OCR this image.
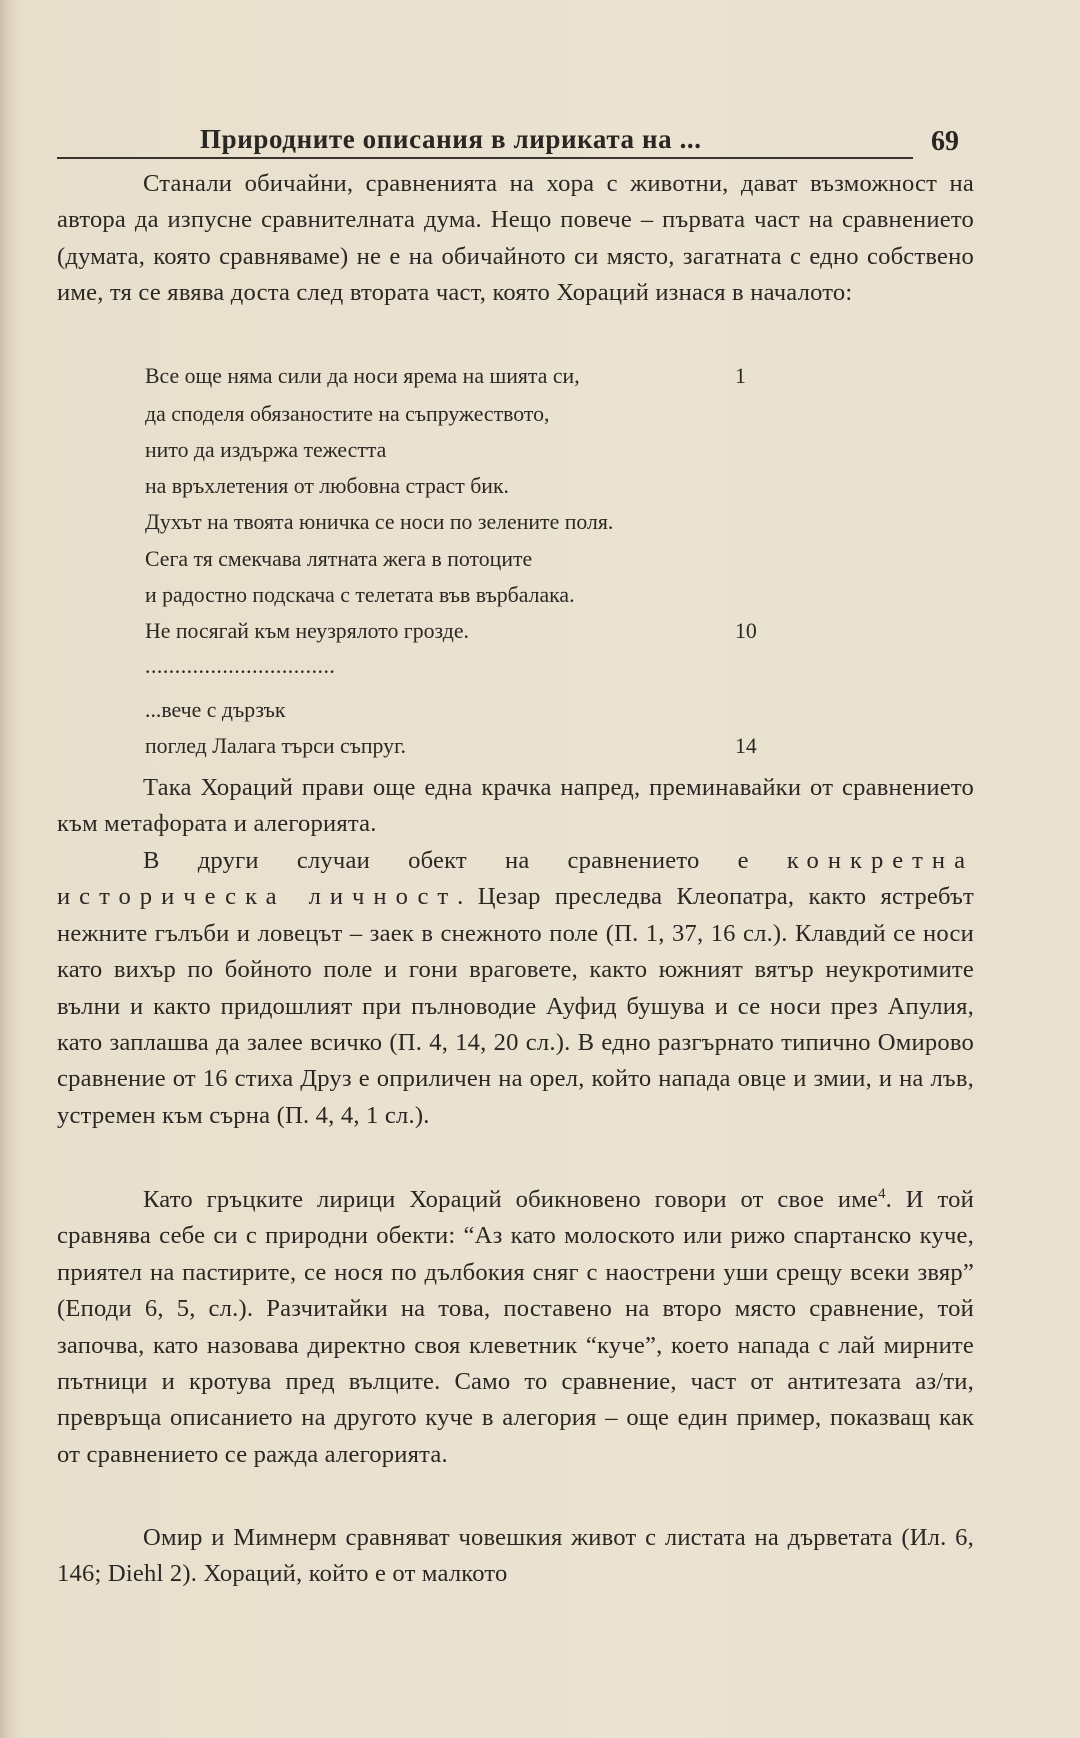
Природните описания в лириката на ...	69

Станали обичайни, сравненията на хора с животни, дават възможност на автора да изпусне сравнителната дума. Нещо повече – първата част на сравнението (думата, която сравняваме) не е на обичайното си място, загатната с едно собствено име, тя се явява доста след втората част, която Хораций изнася в началото:

Все още няма сили да носи ярема на шията си,	1
да споделя обязаностите на съпружеството,
нито да издържа тежестта
на връхлетения от любовна страст бик.
Духът на твоята юничка се носи по зелените поля.
Сега тя смекчава лятната жега в потоците
и радостно подскача с телетата във върбалака.
Не посягай към неузрялото грозде.	10
................................
...вече с дързък
поглед Лалага търси съпруг.	14

Така Хораций прави още една крачка напред, преминавайки от сравнението към метафората и алегорията.

В други случаи обект на сравнението е конкретна историческа личност. Цезар преследва Клеопатра, както ястребът нежните гълъби и ловецът – заек в снежното поле (П. 1, 37, 16 сл.). Клавдий се носи като вихър по бойното поле и гони враговете, както южният вятър неукротимите вълни и както придошлият при пълноводие Ауфид бушува и се носи през Апулия, като заплашва да залее всичко (П. 4, 14, 20 сл.). В едно разгърнато типично Омирово сравнение от 16 стиха Друз е оприличен на орел, който напада овце и змии, и на лъв, устремен към сърна (П. 4, 4, 1 сл.).

Като гръцките лирици Хораций обикновено говори от свое име$^4$. И той сравнява себе си с природни обекти: “Аз като молоското или рижо спартанско куче, приятел на пастирите, се нося по дълбокия сняг с наострени уши срещу всеки звяр” (Еподи 6, 5, сл.). Разчитайки на това, поставено на второ място сравнение, той започва, като назовава директно своя клеветник “куче”, което напада с лай мирните пътници и кротува пред вълците. Само то сравнение, част от антитезата аз/ти, превръща описанието на другото куче в алегория – още един пример, показващ как от сравнението се ражда алегорията.

Омир и Мимнерм сравняват човешкия живот с листата на дърветата (Ил. 6, 146; Diehl 2). Хораций, който е от малкото
